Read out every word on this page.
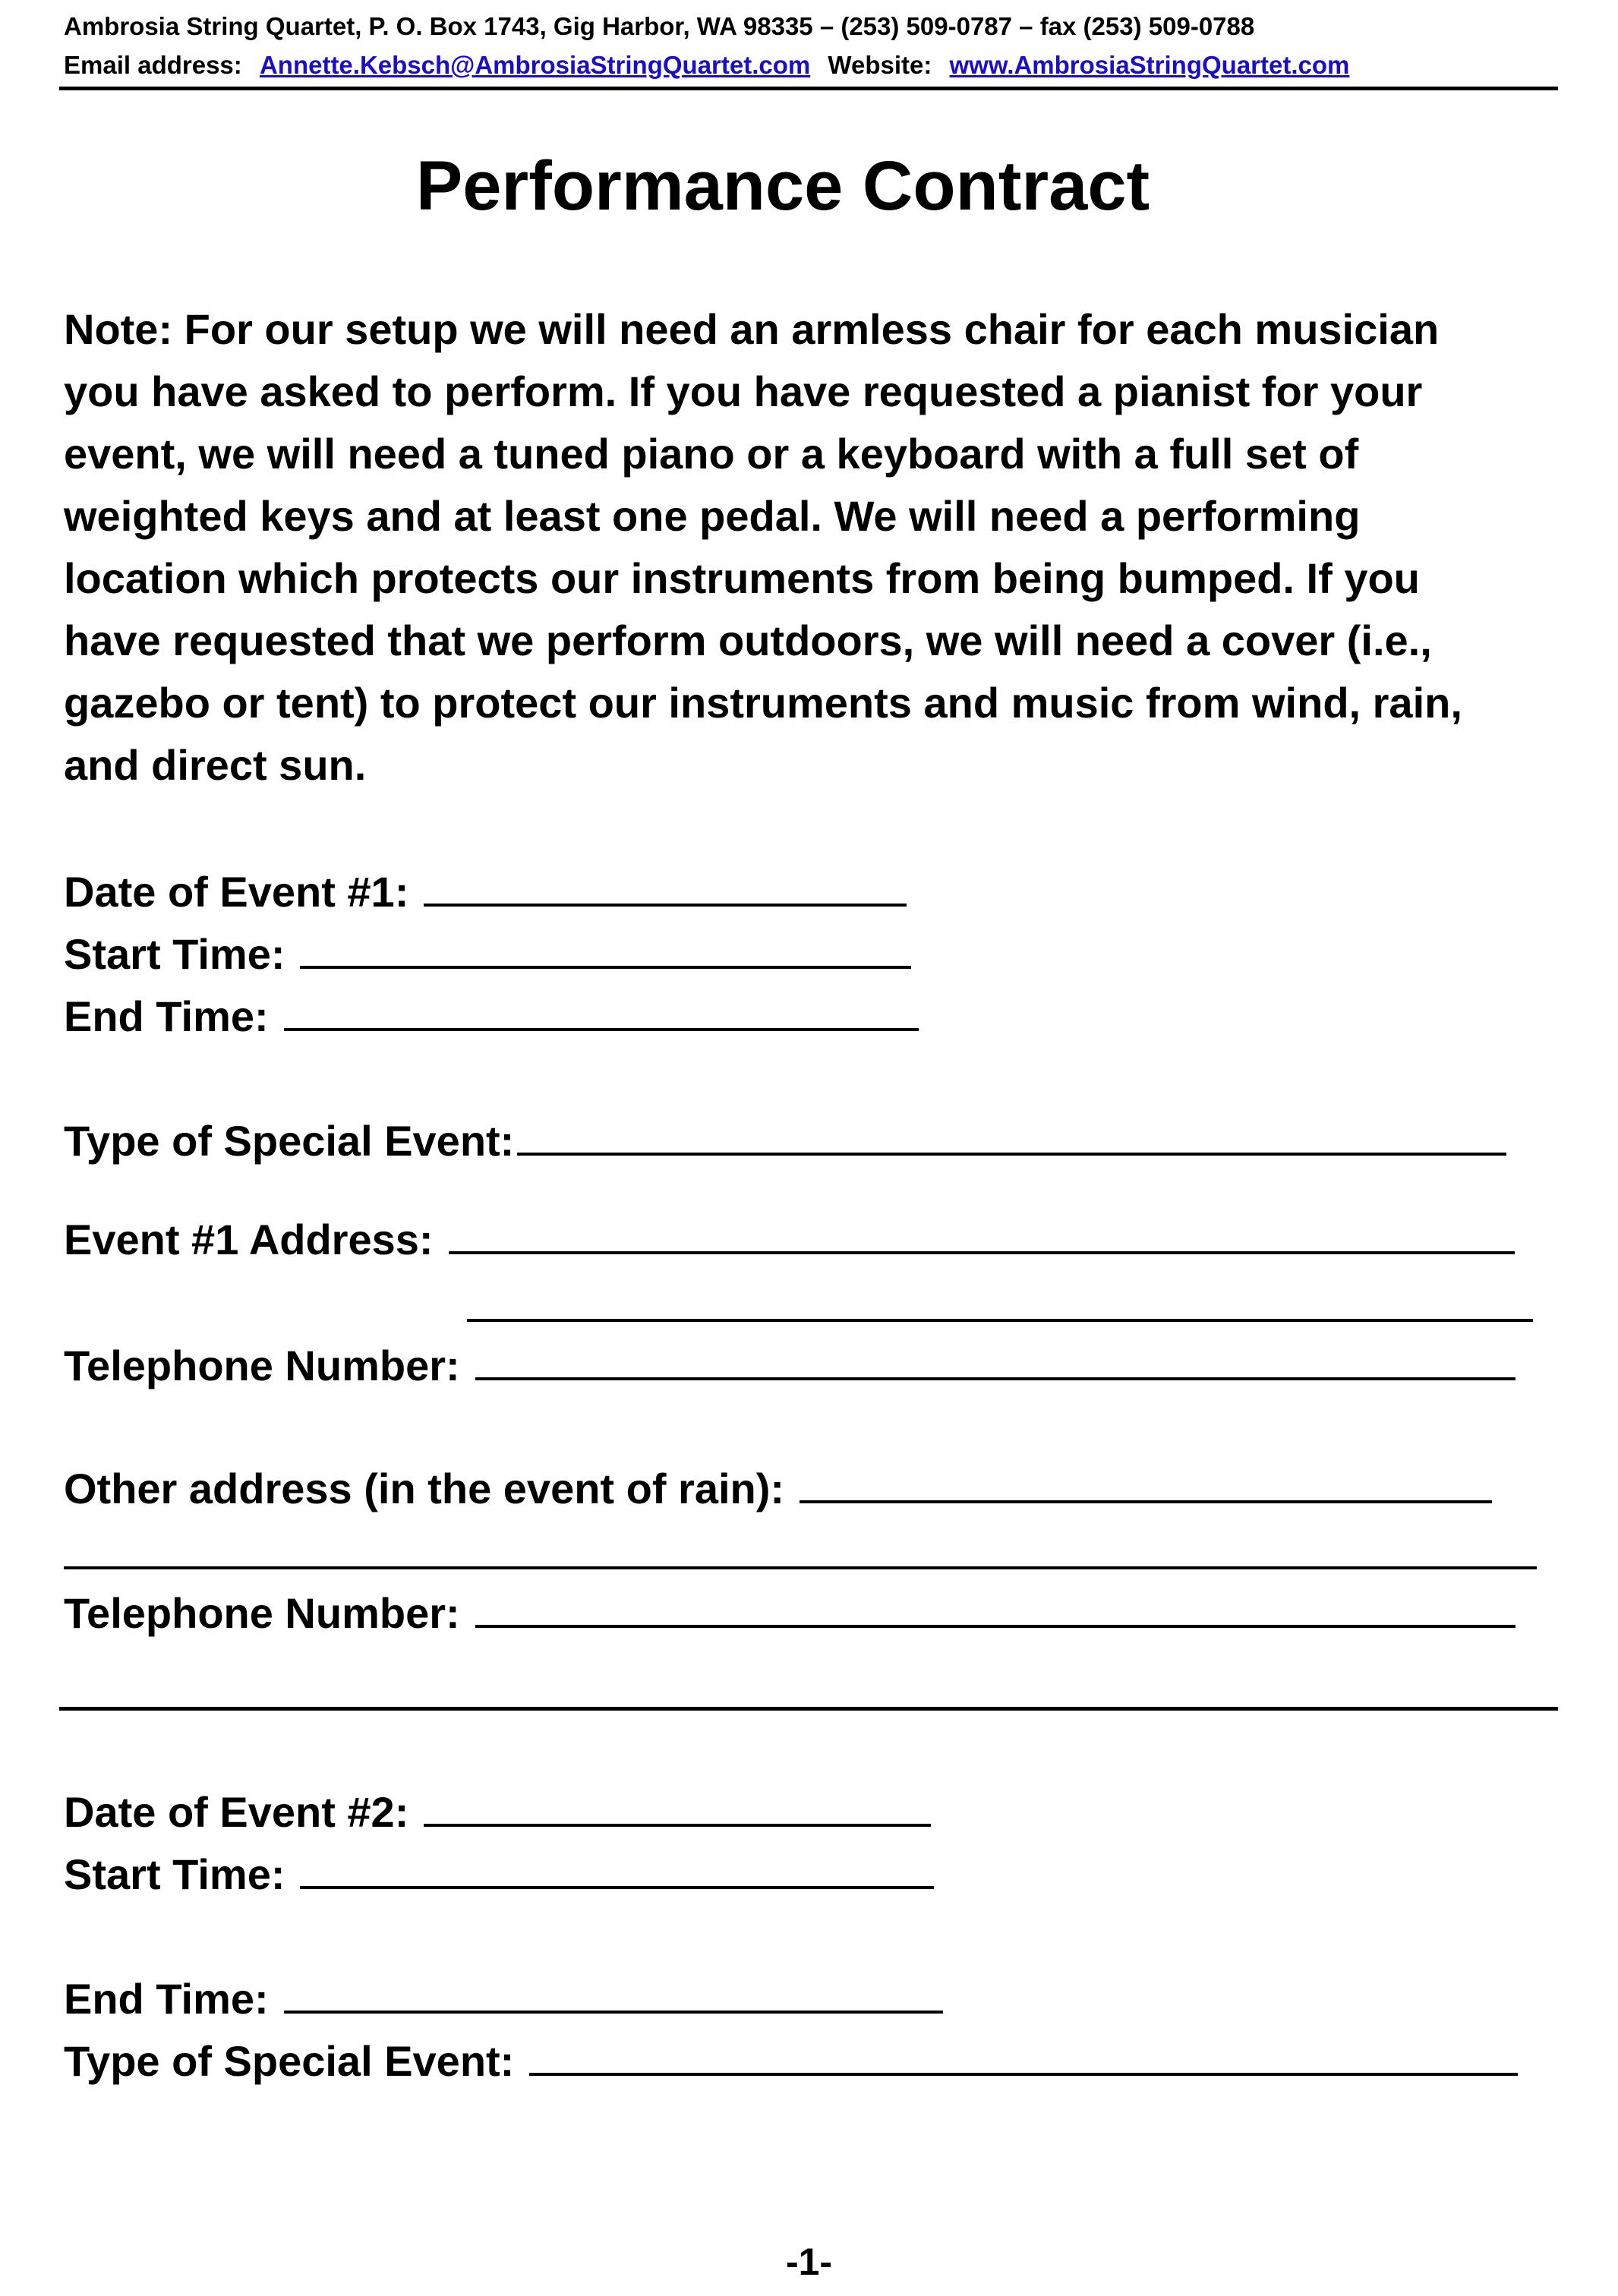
Ambrosia String Quartet, P. O. Box 1743, Gig Harbor, WA 98335 – (253) 509-0787 – fax (253) 509-0788
Email address: Annette.Kebsch@AmbrosiaStringQuartet.com Website: www.AmbrosiaStringQuartet.com
Performance Contract
Note: For our setup we will need an armless chair for each musician
you have asked to perform. If you have requested a pianist for your
event, we will need a tuned piano or a keyboard with a full set of
weighted keys and at least one pedal. We will need a performing
location which protects our instruments from being bumped. If you
have requested that we perform outdoors, we will need a cover (i.e.,
gazebo or tent) to protect our instruments and music from wind, rain,
and direct sun.
Date of Event #1:
Start Time:
End Time:
Type of Special Event:
Event #1 Address:
Telephone Number:
Other address (in the event of rain):
Telephone Number:
Date of Event #2:
Start Time:
End Time:
Type of Special Event:
-1-
